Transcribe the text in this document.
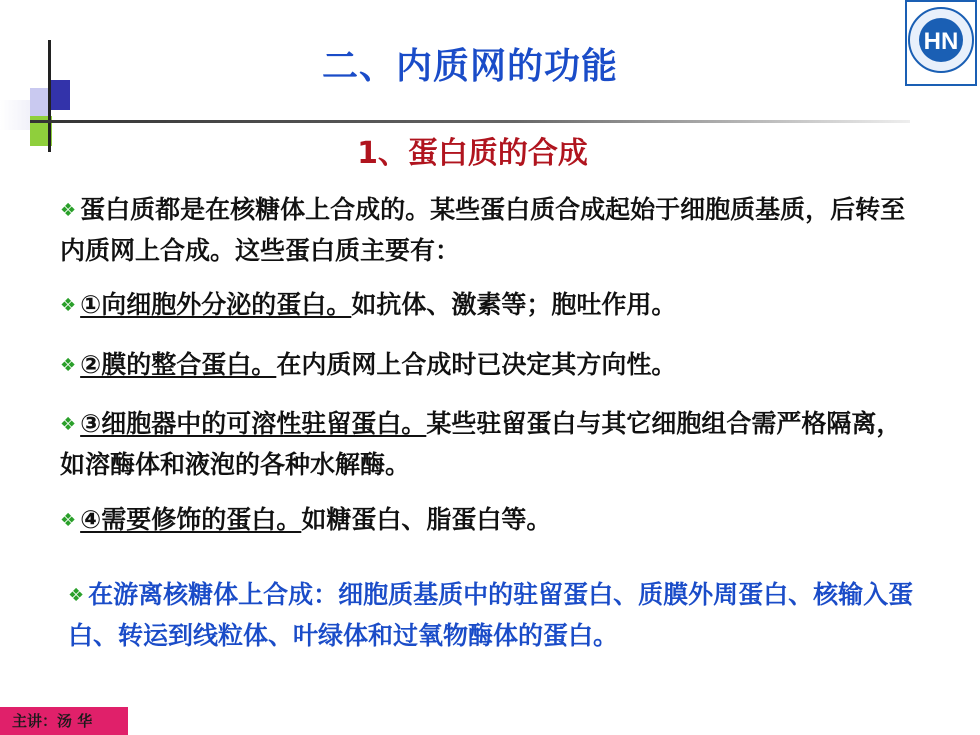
HN
二、内质网的功能
1、蛋白质的合成
❖ 蛋白质都是在核糖体上合成的。某些蛋白质合成起始于细胞质基质，后转至内质网上合成。这些蛋白质主要有：
❖ ①向细胞外分泌的蛋白。如抗体、激素等；胞吐作用。
❖ ②膜的整合蛋白。在内质网上合成时已决定其方向性。
❖ ③细胞器中的可溶性驻留蛋白。某些驻留蛋白与其它细胞组合需严格隔离，如溶酶体和液泡的各种水解酶。
❖ ④需要修饰的蛋白。如糖蛋白、脂蛋白等。
❖ 在游离核糖体上合成：细胞质基质中的驻留蛋白、质膜外周蛋白、核输入蛋白、转运到线粒体、叶绿体和过氧物酶体的蛋白。
主讲：汤 华
